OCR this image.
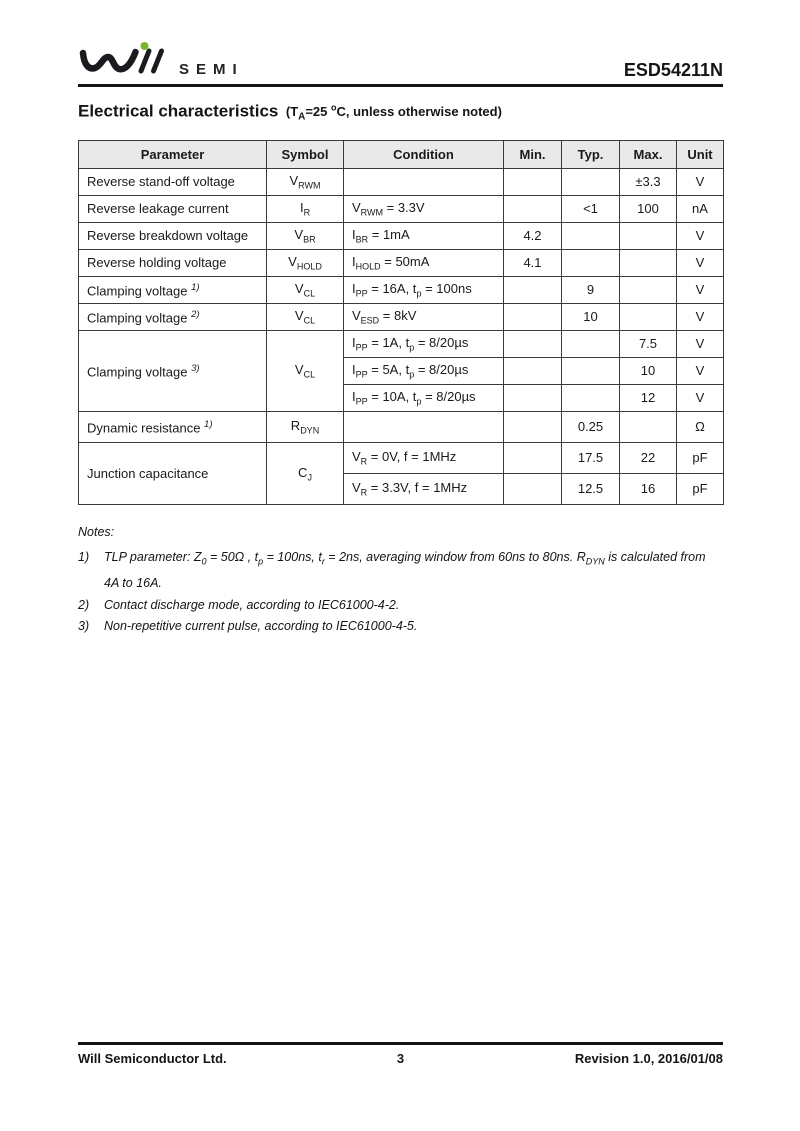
SEMI	ESD54211N
Electrical characteristics ($T_A=25$ $^o$C, unless otherwise noted)
Parameter	Symbol	Condition	Min.	Typ.	Max.	Unit
Reverse stand-off voltage	$V_{RWM}$				±3.3	V
Reverse leakage current	$I_R$	$V_{RWM} = 3.3V$		<1	100	nA
Reverse breakdown voltage	$V_{BR}$	$I_{BR} = 1mA$	4.2			V
Reverse holding voltage	$V_{HOLD}$	$I_{HOLD} = 50mA$	4.1			V
Clamping voltage $^{1)}$	$V_{CL}$	$I_{PP} = 16A$, $t_p = 100ns$		9		V
Clamping voltage $^{2)}$	$V_{CL}$	$V_{ESD} = 8kV$		10		V
Clamping voltage $^{3)}$	$V_{CL}$	$I_{PP} = 1A$, $t_p = 8/20\mu s$			7.5	V
		$I_{PP} = 5A$, $t_p = 8/20\mu s$			10	V
		$I_{PP} = 10A$, $t_p = 8/20\mu s$			12	V
Dynamic resistance $^{1)}$	$R_{DYN}$			0.25		Ω
Junction capacitance	$C_J$	$V_R = 0V$, f = 1MHz		17.5	22	pF
		$V_R = 3.3V$, f = 1MHz		12.5	16	pF
Notes:
1)	TLP parameter: $Z_0 = 50\Omega$ , $t_p = 100ns$, $t_r = 2ns$, averaging window from 60ns to 80ns. $R_{DYN}$ is calculated from 4A to 16A.
2)	Contact discharge mode, according to IEC61000-4-2.
3)	Non-repetitive current pulse, according to IEC61000-4-5.
Will Semiconductor Ltd.	3	Revision 1.0, 2016/01/08
